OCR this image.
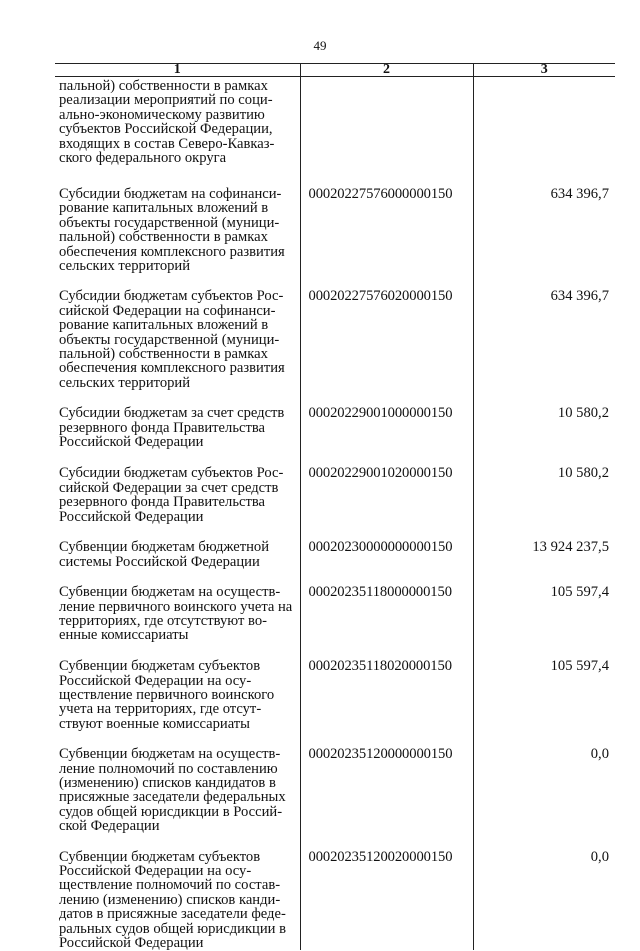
49
1	2	3
пальной) собственности в рамках реализации мероприятий по соци-ально-экономическому развитию субъектов Российской Федерации, входящих в состав Северо-Кавказ-ского федерального округа		
Субсидии бюджетам на софинанси-рование капитальных вложений в объекты государственной (муници-пальной) собственности в рамках обеспечения комплексного развития сельских территорий	00020227576000000150	634 396,7
Субсидии бюджетам субъектов Рос-сийской Федерации на софинанси-рование капитальных вложений в объекты государственной (муници-пальной) собственности в рамках обеспечения комплексного развития сельских территорий	00020227576020000150	634 396,7
Субсидии бюджетам за счет средств резервного фонда Правительства Российской Федерации	00020229001000000150	10 580,2
Субсидии бюджетам субъектов Рос-сийской Федерации за счет средств резервного фонда Правительства Российской Федерации	00020229001020000150	10 580,2
Субвенции бюджетам бюджетной системы Российской Федерации	00020230000000000150	13 924 237,5
Субвенции бюджетам на осуществ-ление первичного воинского учета на территориях, где отсутствуют во-енные комиссариаты	00020235118000000150	105 597,4
Субвенции бюджетам субъектов Российской Федерации на осу-ществление первичного воинского учета на территориях, где отсут-ствуют военные комиссариаты	00020235118020000150	105 597,4
Субвенции бюджетам на осуществ-ление полномочий по составлению (изменению) списков кандидатов в присяжные заседатели федеральных судов общей юрисдикции в Россий-ской Федерации	00020235120000000150	0,0
Субвенции бюджетам субъектов Российской Федерации на осу-ществление полномочий по состав-лению (изменению) списков канди-датов в присяжные заседатели феде-ральных судов общей юрисдикции в Российской Федерации	00020235120020000150	0,0
